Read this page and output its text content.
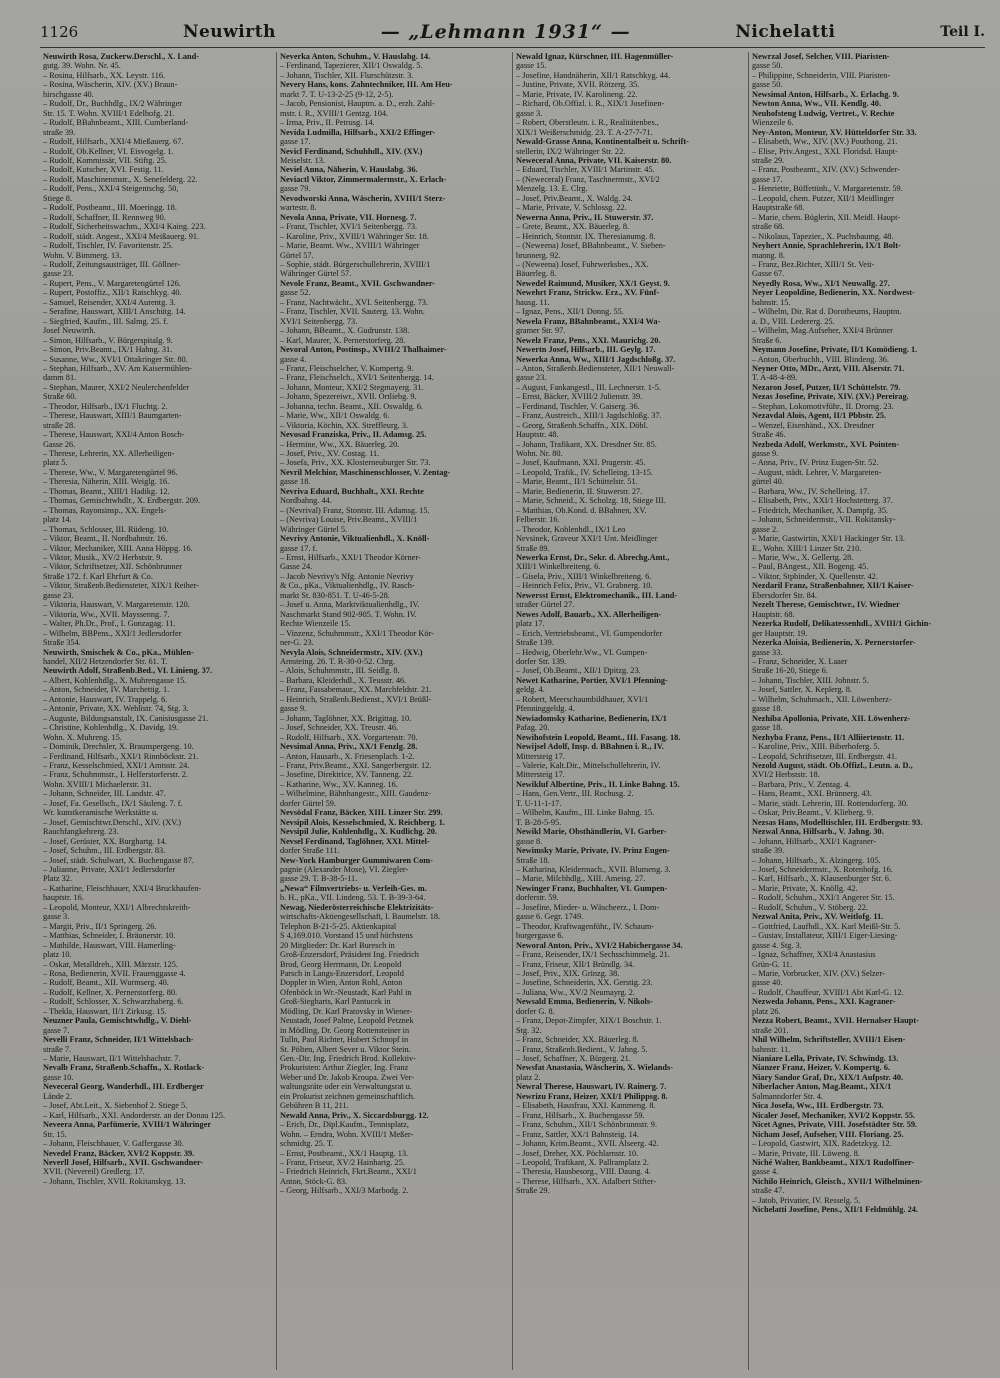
1126	Neuwirth	— „Lehmann 1931“ —	Nichelatti	Teil I.
Neuwirth Rosa, Zuckerw.Derschl., X. Land-
gutg. 39. Wohn. Nr. 45.
– Rosina, Hilfsarb., XX. Leystr. 116.
– Rosina, Wäscherin, XIV. (XV.) Braun-
hirschgasse 40.
– Rudolf, Dr., Buchhdlg., IX/2 Währinger
Str. 15. T. Wohn. XVIII/1 Edelhofg. 21.
– Rudolf, BBahnbeamt., XIII. Cumberland-
straße 39.
– Rudolf, Hilfsarb., XXI/4 Mießauerg. 67.
– Rudolf, Ob.Kellner, VI. Eisvogelg. 1.
– Rudolf, Kommissär, VII. Stiftg. 25.
– Rudolf, Kutscher, XVI. Festig. 11.
– Rudolf, Maschinenmstr., X. Senefelderg. 22.
– Rudolf, Pens., XXI/4 Steigentschg. 50,
Stiege 8.
– Rudolf, Postbeamt., III. Moeringg. 18.
– Rudolf, Schaffner, II. Rennweg 90.
– Rudolf, Sicherheitswachm., XXI/4 Kaing. 223.
– Rudolf, städt. Angest., XXI/4 Meißauerg. 91.
– Rudolf, Tischler, IV. Favoritenstr. 25.
Wohn. V. Bimmerg. 13.
– Rudolf, Zeitungsausträger, III. Göllner-
gasse 23.
– Rupert, Pens., V. Margaretengürtel 126.
– Rupert, Postoffiz., XII/1 Ratschkyg. 40.
– Samuel, Reisender, XXI/4 Aurentg. 3.
– Serafine, Hauswart, XIII/1 Anschütg. 14.
– Siegfried, Kaufm., III. Salmg. 25. f.
Josef Neuwirth.
– Simon, Hilfsarb., V. Bürgerspitalg. 9.
– Simon, Priv.Beamt., IX/1 Hahng. 31.
– Susanne, Ww., XVI/1 Ottakringer Str. 80.
– Stephan, Hilfsarb., XV. Am Kaisermühlen-
damm 81.
– Stephan, Maurer, XXI/2 Neulerchenfelder
Straße 60.
– Theodor, Hilfsarb., IX/1 Fluchtg. 2.
– Therese, Hauswart, XIII/1 Baumgarten-
straße 28.
– Therese, Hauswart, XXI/4 Anton Bosch-
Gasse 26.
– Therese, Lehrerin, XX. Allerheiligen-
platz 5.
– Therese, Ww., V. Margaretengürtel 96.
– Theresia, Näherin, XIII. Weiglg. 16.
– Thomas, Beamt., XIII/1 Hadikg. 12.
– Thomas, Gemischtwhdlr., X. Erdbergstr. 209.
– Thomas, Rayonsinsp., XX. Engels-
platz 14.
– Thomas, Schlosser, III. Rüdeng. 10.
– Viktor, Beamt., II. Nordbahnstr. 16.
– Viktor, Mechaniker, XIII. Anna Höppg. 16.
– Viktor, Musik., XV/2 Herbststr. 9.
– Viktor, Schriftsetzer, XII. Schönbrunner
Straße 172. f. Karl Ehrfurt & Co.
– Viktor, Straßenb.Bediensteter, XIX/1 Reiher-
gasse 23.
– Viktoria, Hauswart, V. Margaretenstr. 120.
– Viktoria, Ww., XVII. Mayssenng. 7.
– Walter, Ph.Dr., Prof., I. Gonzagag. 11.
– Wilhelm, BBPens., XXI/1 Jedlersdorfer
Straße 354.
Neuwirth, Smischek & Co., pKa., Mühlen-
handel, XII/2 Hetzendorfer Str. 61. T.
Neuwirth Adolf, Straßenb.Bed., VI. Linieng. 37.
– Albert, Kohlenhdlg., X. Muhrengasse 15.
– Anton, Schneider, IV. Marchettig. 1.
– Antonie, Hauswart, IV. Trappelg. 6.
– Antonie, Private, XX. Wehlistr. 74, Stg. 3.
– Auguste, Bildungsanstalt, IX. Canisiusgasse 21.
– Christine, Kohlenhdlg., X. Davidg. 19.
Wohn. X. Muhreng. 15.
– Dominik, Drechsler, X. Braunspergeng. 10.
– Ferdinand, Hilfsarb., XXI/1 Rinnböckstr. 21.
– Franz, Kesselschmied, XXI/1 Amtsstr. 24.
– Franz, Schuhmmstr., I. Helferstorferstr. 2.
Wohn. XVIII/1 Michaelerstr. 31.
– Johann, Schneider, III. Landstr. 47.
– Josef, Fa. Gesellsch., IX/1 Säuleng. 7. f.
Wr. kunstkeramische Werkstätte u.
– Josef, Gemischtwr.Derschl., XIV. (XV.)
Rauchfangkehrerg. 23.
– Josef, Gerüster, XX. Burghartg. 14.
– Josef, Schuhm., III. Erdbergstr. 83.
– Josef, städt. Schulwart, X. Buchengasse 87.
– Julianne, Private, XXI/1 Jedlersdorfer
Platz 32.
– Katharine, Fleischhauer, XXI/4 Bruckhaufen-
hauptstr. 16.
– Leopold, Monteur, XXI/1 Albrechtskreith-
gasse 3.
– Margit, Priv., II/1 Springerg. 26.
– Matthias, Schneider, I. Bräunerstr. 10.
– Mathilde, Hauswart, VIII. Hamerling-
platz 10.
– Oskar, Metalldreh., XIII. Märzstr. 125.
– Rosa, Bedienerin, XVII. Frauenggasse 4.
– Rudolf, Beamt., XII. Wurmserg. 40.
– Rudolf, Kellner, X. Pernerstorferg. 80.
– Rudolf, Schlosser, X. Schwarzhaberg. 6.
– Thekla, Hauswart, II/1 Zirkusg. 15.
Neuzner Paula, Gemischtwhdlg., V. Diehl-
gasse 7.
Nevelli Franz, Schneider, II/1 Wittelsbach-
straße 7.
– Marie, Hauswart, II/1 Wittelsbachstr. 7.
Nevalb Franz, Straßenb.Schaffn., X. Rotlack-
gasse 10.
Neveceral Georg, Wanderhdl., III. Erdberger
Lände 2.
– Josef, Abt.Leit., X. Siebenhof 2. Stiege 5.
– Karl, Hilfsarb., XXI. Andorderstr. an der Donau 125.
Neveera Anna, Parfümerie, XVIII/1 Währinger
Str. 15.
– Johann, Fleischhauer, V. Gaffergasse 30.
Nevedel Franz, Bäcker, XVI/2 Koppstr. 39.
Neverll Josef, Hilfsarb., XVII. Gschwandner-
XVII. (Nevereil) Gredlerg. 17.
– Johann, Tischler, XVII. Rokitanskyg. 13.
Neverka Anton, Schuhm., V. Hauslabg. 14.
– Ferdinand, Tapezierer, XII/1 Oswaldg. 5.
– Johann, Tischler, XII. Flurschützstr. 3.
Nevery Hans, kons. Zahntechniker, III. Am Heu-
markt 7. T. U-13-2-25 (9-12, 2-5).
– Jacob, Pensionist, Hauptm. a. D., erzh. Zahl-
mstr. i. R., XVIII/1 Gentzg. 104.
– Irma, Priv., II. Petrusg. 14.
Nevida Ludmilla, Hilfsarb., XXI/2 Effinger-
gasse 17.
Nevicl Ferdinand, Schuhhdl., XIV. (XV.)
Meiselstr. 13.
Neviel Anna, Näherin, V. Hauslabg. 36.
Neviactl Viktor, Zimmermalermstr., X. Erlach-
gasse 79.
Nevodworski Anna, Wäscherin, XVIII/1 Sterz-
wartestr. 8.
Nevola Anna, Private, VII. Hornesg. 7.
– Franz, Tischler, XVI/1 Seitenbergg. 73.
– Karoline, Priv., XVIII/1 Währinger Str. 18.
– Marie, Beamt. Ww., XVIII/1 Währinger
Gürtel 57.
– Sophie, städt. Bürgerschullehrerin, XVIII/1
Währinger Gürtel 57.
Nevole Franz, Beamt., XVII. Gschwandner-
gasse 52.
– Franz, Nachtwächt., XVI. Seitenbergg. 73.
– Franz, Tischler, XVII. Sauterg. 13. Wohn.
XVI/1 Seitenbergg. 73.
– Johann, BBeamt., X. Gudrunstr. 138.
– Karl, Maurer, X. Pernerstorferg. 28.
Nevoral Anton, Postinsp., XVIII/2 Thalhaimer-
gasse 4.
– Franz, Fleischselcher, V. Kompertg. 9.
– Franz, Fleischselch., XVI/1 Seitenbergg. 14.
– Johann, Monteur, XXI/2 Stegmayerg. 31.
– Johann, Spezereiwr., XVII. Ortliebg. 9.
– Johanna, techn. Beamt., XII. Oswaldg. 6.
– Marie, Ww., XII/1 Oswaldg. 6.
– Viktoria, Köchin, XX. Streffleurg. 3.
Nevosad Franziska, Priv., II. Adamsg. 25.
– Hermine, Ww., XX. Bäuerleg. 20.
– Josef, Priv., XV. Costag. 11.
– Josefa, Priv., XX. Klosterneuburger Str. 73.
Nevril Melchior, Maschinenschlosser, V. Zentag-
gasse 18.
Nevriva Eduard, Buchhalt., XXI. Rechte
Nordbahng. 44.
– (Nevrival) Franz, Stontstr. III. Adamsg. 15.
– (Nevriva) Louise, Priv.Beamt., XVIII/1
Währinger Gürtel 5.
Nevrivy Antonie, Viktualienhdl., X. Knöll-
gasse 17. f.
– Ernst, Hilfsarb., XXI/1 Theodor Körner-
Gasse 24.
– Jacob Nevrivy's Nfg. Antonie Nevrivy
& Co., pKa., Viktualienhdlg., IV. Rasch-
markt St. 830-851. T. U-46-5-28.
– Josef u. Anna, Marktviktualienhdlg., IV.
Naschmarkt Stand 902-905. T. Wohn. IV.
Rechte Wienzeile 15.
– Vinzenz, Schuhmmstr., XXI/1 Theodor Kör-
ner-G. 23.
Nevyla Alois, Schneidermstr., XIV. (XV.)
Arnsteing. 26. T. R-30-0-52. Chrg.
– Alois, Schuhmmstr., III. Seidlg. 8.
– Barbara, Kleiderhdl., X. Teusstr. 46.
– Franz, Fassabemaur., XX. Marchfeldstr. 21.
– Heinrich, Straßenb.Bedienst., XVI/1 Brüßl-
gasse 9.
– Johann, Taglöhner, XX. Brigittag. 10.
– Josef, Schneider, XX. Treustr. 46.
– Rudolf, Hilfsarb., XX. Vorgartenstr. 70.
Nevsimal Anna, Priv., XX/1 Fenzlg. 28.
– Anton, Hausarb., X. Friesenplach. 1-2.
– Franz, Priv.Beamt., XXI. Sangerbergstr. 12.
– Josefine, Direktrice, XV. Tanneng. 22.
– Katharine, Ww., XV. Kanneg. 16.
– Wilhelmine, Bähnhangestr., XIII. Gaudenz-
dorfer Gürtel 59.
Nevsödal Franz, Bäcker, XIII. Linzer Str. 299.
Nevsipil Alois, Kesselschmied, X. Reichberg. 1.
Nevsipil Julie, Kohlenhdlg., X. Kudlichg. 20.
Nevsel Ferdinand, Taglöhner, XXI. Mittel-
dorfer Straße 111.
New-York Hamburger Gummiwaren Com-
pagnie (Alexander Mose), VI. Ziegler-
gasse 29. T. B-38-5-11.
„Newa“ Filmvertriebs- u. Verleih-Ges. m.
b. H., pKa., VII. Lindeng. 53. T. B-39-3-64.
Newag, Niederösterreichische Elektrizitäts-
wirtschafts-Aktiengesellschaft, I. Baumelstr. 18.
Telephon B-21-5-25. Aktienkapital
S 4,169.010. Vorstand 15 und höchstens
20 Mitglieder: Dr. Karl Buresch in
Groß-Enzersdorf, Präsident Ing. Friedrich
Brod, Georg Herrmann, Dr. Leopold
Parsch in Langs-Enzersdorf, Leopold
Doppler in Wien, Anton Rohl, Anton
Ofenböck in Wr.-Neustadt, Karl Pahl in
Groß-Siegharts, Karl Pantucek in
Mödling, Dr. Karl Pratovsky in Wiener-
Neustadt, Josef Palme, Leopold Petznek
in Mödling, Dr. Georg Rottensteiner in
Tulln, Paul Richter, Hubert Schnopf in
St. Pölten, Albert Sever u. Viktor Stein.
Gen.-Dir. Ing. Friedrich Brod. Kollektiv-
Prokuristen: Arthur Ziegler, Ing. Franz
Weber und Dr. Jakob Kroupa. Zwei Ver-
waltungsräte oder ein Verwaltungsrat u.
ein Prokurist zeichnen gemeinschaftlich.
Gebühren B 11, 211.
Newald Anna, Priv., X. Siccardsburgg. 12.
– Erich, Dr., Dipl.Kaufm., Tennisplatz,
Wohn. – Erndra, Wohn. XVIII/1 Meßer-
schmidtg. 25. T.
– Ernst, Postbeamt., XX/1 Hauptg. 13.
– Franz, Friseur, XV/2 Hainhartg. 25.
– Friedrich Heinrich, Fkrt.Beamt., XXI/1
Anton, Stöck-G. 83.
– Georg, Hilfsarb., XXI/3 Marbodg. 2.
Newald Ignaz, Kürschner, III. Hagenmüller-
gasse 15.
– Josefine, Handnäherin, XII/1 Ratschkyg. 44.
– Justine, Private, XVII. Rötzerg. 35.
– Marie, Private, IV. Karolineng. 22.
– Richard, Ob.Offizl. i. R., XIX/1 Josefinen-
gasse 3.
– Robert, Oberstleutn. i. R., Realitätenbes.,
XIX/1 Weißerschmidg. 23. T. A-27-7-71.
Newald-Grasse Anna, Kontinentalbeit u. Schrift-
stellerin, IX/2 Währinger Str. 22.
Neweceral Anna, Private, VII. Kaiserstr. 80.
– Eduard, Tischler, XVIII/1 Martinstr. 45.
– (Neweceral) Franz, Taschnermstr., XVI/2
Menzelg. 13. E. Clrg.
– Josef, Priv.Beamt., X. Waldg. 24.
– Marie, Private, V. Schlossg. 22.
Newerna Anna, Priv., II. Stuwerstr. 37.
– Grete, Beamt., XX. Bäuerleg. 8.
– Heinrich, Stontstr. IX. Theresianumg. 8.
– (Neweena) Josef, BBahnbeamt., V. Sieben-
brunnerg. 92.
– (Neweena) Josef, Fuhrwerksbes., XX.
Bäuerleg. 8.
Newedel Raimund, Musiker, XX/1 Geyst. 9.
Newehrt Franz, Strickw. Erz., XV. Fünf-
hausg. 11.
– Ignaz, Pens., XII/1 Donng. 55.
Newela Franz, BBahnbeamt., XXI/4 Wa-
gramer Str. 97.
Newelz Franz, Pens., XXI. Maurichg. 20.
Newertn Josef, Hilfsarb., III. Geylg. 17.
Newerka Anna, Ww., XIII/1 Jagdschloßg. 37.
– Anton, Straßenb.Bediensteter, XII/1 Neuwall-
gasse 23.
– August, Fankangestl., III. Lechnerstr. 1-5.
– Ernst, Bäcker, XVIII/2 Julienstr. 39.
– Ferdinand, Tischler, V. Gaiserg. 36.
– Franz, Austreich., XIII/1 Jagdschloßg. 37.
– Georg, Straßenb.Schaffn., XIX. Döbl.
Hauptstr. 48.
– Johann, Trafikant, XX. Dresdner Str. 85.
Wohn. Nr. 80.
– Josef, Kaufmann, XXI. Pragerstr. 45.
– Leopold, Trafik., IV. Schelleing. 13-15.
– Marie, Beamt., II/1 Schüttelstr. 51.
– Marie, Bedienerin, II. Stuwerstr. 27.
– Marie, Schneid., X. Scholzg. 18, Stiege III.
– Matthias, Ob.Kond. d. BBahnen, XV.
Felberstr. 16.
– Theodor, Kohlenhdl., IX/1 Leo
Nevsinek, Graveur XXI/1 Unt. Meidlinger
Straße 89.
Newerka Ernst, Dr., Sekr. d. Abrechg.Amt.,
XIII/1 Winkelbreiteng. 6.
– Gisela, Priv., XIII/1 Winkelbreiteng. 6.
– Heinrich Felix, Priv., VI. Grabnerg. 10.
Newersst Ernst, Elektromechanik., III. Land-
straßer Gürtel 27.
Newes Adolf, Bauarb., XX. Allerheiligen-
platz 17.
– Erich, Vertriebsbeamt., VI. Gumpendorfer
Straße 139.
– Hedwig, Oberlehr.Ww., VI. Gumpen-
dorfer Str. 139.
– Josef, Ob.Beamt., XII/1 Dpitzg. 23.
Newet Katharine, Portier, XVI/1 Pfenning-
geldg. 4.
– Robert, Meerschaumbildhauer, XVI/1
Pfenninggeldg. 4.
Newiadomsky Katharine, Bedienerin, IX/1
Pafag. 20.
Newihofstein Leopold, Beamt., III. Fasang. 18.
Newijsel Adolf, Insp. d. BBahnen i. R., IV.
Mittersteig 17.
– Valerie, Kalt.Dir., Mittelschullehrerin, IV.
Mittersteig 17.
Newikluf Albertine, Priv., II. Linke Bahng. 15.
– Hans, Gen.Vertr., III. Rochusg. 2.
T. U-11-1-17.
– Wilhelm, Kaufm., III. Linke Bahng. 15.
T. B-28-5-95.
Newikl Marie, Obsthändlerin, VI. Garber-
gasse 8.
Newimsky Marie, Private, IV. Prinz Eugen-
Straße 18.
– Katharina, Kleidermach., XVII. Blumeng. 3.
– Marie, Milchhdlg., XIII. Ameisg. 27.
Newinger Franz, Buchhalter, VI. Gumpen-
dorferstr. 59.
– Josefine, Mieder- u. Wäscheerz., I. Dom-
gasse 6. Gegr. 1749.
– Theodor, Kraftwagenführ., IV. Schaum-
burgergasse 6.
Neworal Anton, Priv., XVI/2 Habichergasse 34.
– Franz, Reisender, IX/1 Sechsschimmelg. 21.
– Franz, Friseur, XII/1 Bründlg. 34.
– Josef, Priv., XIX. Grinzg. 38.
– Josefine, Schneiderin, XX. Gerstig. 23.
– Juliana, Ww., XV/2 Neumayrg. 2.
Newsald Emma, Bedienerin, V. Nikols-
dorfer G. 8.
– Franz, Depot-Zimpfer, XIX/1 Boschstr. 1.
Stg. 32.
– Franz, Schneider, XX. Bäuerleg. 8.
– Franz, Straßenb.Bedient., V. Jahng. 5.
– Josef, Schaffner, X. Bürgerg. 21.
Newsfat Anastasia, Wäscherin, X. Wielands-
platz 2.
Newral Therese, Hauswart, IV. Rainerg. 7.
Newrizu Franz, Heizer, XXI/1 Philippsg. 8.
– Elisabeth, Hausfrau, XXI. Kammeng. 8.
– Franz, Hilfsarb., X. Buchengasse 59.
– Franz, Schuhm., XII/1 Schönbrunnstr. 9.
– Franz, Sattler, XX/1 Bahnsteig. 14.
– Johann, Krim.Beamt., XVII. Alseerg. 42.
– Josef, Dreher, XX. Pöchlarnstr. 10.
– Leopold, Trafikant, X. Pallramplatz 2.
– Theresia, Hausbesorg., VIII. Daung. 4.
– Therese, Hilfsarb., XX. Adalbert Stifter-
Straße 29.
Newrzal Josef, Selcher, VIII. Piaristen-
gasse 50.
– Philippine, Schneiderin, VIII. Piaristen-
gasse 50.
Newsimal Anton, Hilfsarb., X. Erlachg. 9.
Newton Anna, Ww., VII. Kendlg. 40.
Neuhofsteng Ludwig, Vertret., V. Rechte
Wienzeile 6.
Ney-Anton, Monteur, XV. Hütteldorfer Str. 33.
– Elisabeth, Ww., XIV. (XV.) Pouthong. 21.
– Elise, Priv.Angest., XXI. Floridsd. Haupt-
straße 29.
– Franz, Postbeamt., XIV. (XV.) Schwender-
gasse 17.
– Henriette, Büffettinh., V. Margaretenstr. 59.
– Leopold, chem. Putzer, XII/1 Meidlinger
Hauptstraße 68.
– Marie, chem. Büglerin, XII. Meidl. Haupt-
straße 68.
– Nikolaus, Tapezier., X. Puchsbaumg. 48.
Neyhert Annie, Sprachlehrerin, IX/1 Bolt-
manng. 8.
– Franz, Bez.Richter, XIII/1 St. Veit-
Gasse 67.
Neyedly Rosa, Ww., XI/1 Neuwallg. 27.
Neyer Leopoldine, Bedienerin, XX. Nordwest-
bahnstr. 15.
– Wilhelm, Dir. Rat d. Dorotheums, Hauptm.
a. D., VIII. Ledererg. 25.
– Wilhelm, Mag.Aufseher, XXI/4 Brünner
Straße 6.
Neymann Josefine, Private, II/1 Komödieng. 1.
– Anton, Oberbuchh., VIII. Blindeng. 36.
Neyner Otto, MDr., Arzt, VIII. Alserstr. 71.
T. A-48-4-89.
Nezaron Josef, Putzer, II/1 Schüttelstr. 79.
Nezas Josefine, Private, XIV. (XV.) Pereirag.
– Stephan, Lokomotivführ., II. Drorng. 23.
Nezavdal Alois, Agent, II/1 Pbbstr. 25.
– Wenzel, Eisenhänd., XX. Dresdner
Straße 46.
Nezbeda Adolf, Werkmstr., XVI. Pointen-
gasse 9.
– Anna, Priv., IV. Prinz Eugen-Str. 52.
– August, städt. Lehrer, V. Margareten-
gürtel 40.
– Barbara, Ww., IV. Schelleing. 17.
– Elisabeth, Priv., XXI/1 Hochstetterg. 37.
– Friedrich, Mechaniker, X. Dampfg. 35.
– Johann, Schneidermstr., VII. Rokitansky-
gasse 2.
– Marie, Gastwirtin, XXI/1 Hackinger Str. 13.
E., Wohn. XIII/1 Linzer Str. 210.
– Marie, Ww., X. Gellertg. 28.
– Paul, BAngest., XII. Bogeng. 45.
– Viktor, Stpbinder, X. Quellenstr. 42.
Nezdaril Franz, Straßenbahner, XII/1 Kaiser-
Ebersdorfer Str. 84.
Nezelt Therese, Gemischtwr., IV. Wiedner
Hauptstr. 68.
Nezerka Rudolf, Delikatessenhdl., XVIII/1 Gichin-
ger Hauptstr. 19.
Nezerka Aloisia, Bedienerin, X. Pernerstorfer-
gasse 33.
– Franz, Schneider, X. Laaer
Straße 16-20, Stiege 6.
– Johann, Tischler, XIII. Johnstr. 5.
– Josef, Sattler, X. Keplerg. 8.
– Wilhelm, Schuhmach., XII. Löwenherz-
gasse 18.
Nezhiba Apollonia, Private, XII. Löwenherz-
gasse 18.
Nezhyba Franz, Pens., II/1 Alliiertenstr. 11.
– Karoline, Priv., XIII. Biberhoferg. 5.
– Leopold, Schriftsetzer, III. Erdbergstr. 41.
Nezold August, städt. Ob.Offizl., Leutn. a. D.,
XVI/2 Herbststr. 18.
– Barbara, Priv., V. Zentag. 4.
– Hans, Beamt., XXI. Brünnerg. 43.
– Marie, städt. Lehrerin, III. Rottendorferg. 30.
– Oskar, Priv.Beamt., V. Klieberg. 9.
Nezsas Hans, Modelltischler, III. Erdbergstr. 93.
Nezwal Anna, Hilfsarb., V. Jahng. 30.
– Johann, Hilfsarb., XXI/1 Kagraner-
straße 39.
– Johann, Hilfsarb., X. Alzingerg. 105.
– Josef, Schneidermstr., X. Rotenhofg. 16.
– Karl, Hilfsarb., X. Klausenburger Str. 6.
– Marie, Private, X. Knöllg. 42.
– Rudolf, Schuhm., XXI/1 Angerer Str. 15.
– Rudolf, Schuhm., V. Stöberg. 22.
Nezwal Anita, Priv., XV. Weitlofg. 11.
– Gottfried, Laufhdl., XX. Karl Meißl-Str. 5.
– Gustav, Installateur, XIII/1 Eiger-Liesing-
gasse 4. Stg. 3.
– Ignaz, Schaffner, XXI/4 Anastasius
Grün-G. 11.
– Marie, Vorbrucker, XIV. (XV.) Selzer-
gasse 40.
– Rudolf, Chauffeur, XVIII/1 Abt Karl-G. 12.
Nezweda Johann, Pens., XXI. Kagraner-
platz 26.
Nezza Robert, Beamt., XVII. Hernalser Haupt-
straße 201.
Nhil Wilhelm, Schriftsteller, XVIII/1 Eisen-
bahnstr. 11.
Nianiare Lella, Private, IV. Schwindg. 13.
Nianzer Franz, Heizer, V. Kompertg. 6.
Niary Sandor Graf, Dr., XIX/1 Aufpstr. 40.
Niberlacher Anton, Mag.Beamt., XIX/1
Salmanndorfer Str. 4.
Nica Josefa, Ww., III. Erdbergstr. 73.
Nicaler Josef, Mechaniker, XVI/2 Koppstr. 55.
Nicet Agnes, Private, VIII. Josefstädter Str. 59.
Nicham Josef, Aufseher, VIII. Floriang. 25.
– Leopold, Gastwirt, XIX. Radetzkyg. 12.
– Marie, Private, III. Löweng. 8.
Niché Walter, Bankbeamt., XIX/1 Rudolfiner-
gasse 4.
Nichilo Heinrich, Gleisch., XVII/1 Wilhelminen-
straße 47.
– Jatob, Privatier, IV. Resselg. 5.
Nichelatti Josefine, Pens., XII/1 Feldmühlg. 24.
